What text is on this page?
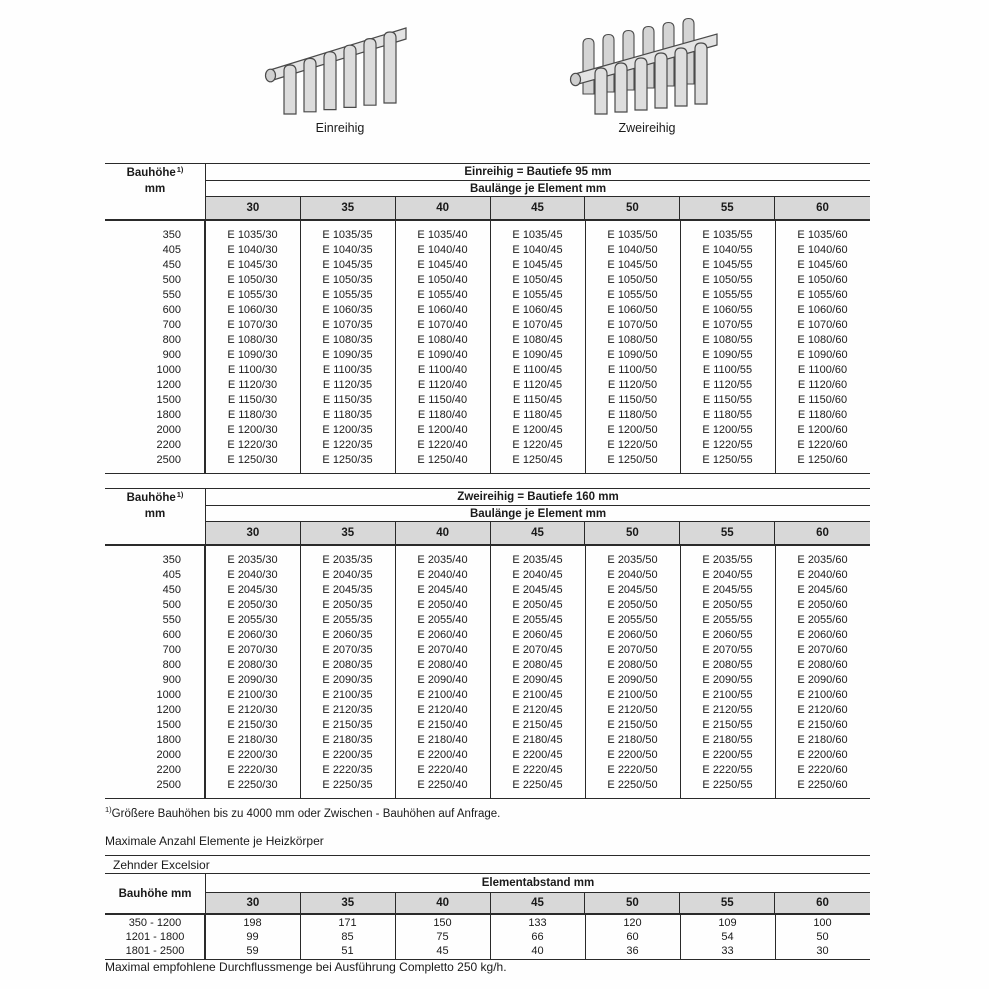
Einreihig	Zweireihig
Bauhöhe 1)	Einreihig = Bautiefe 95 mm
mm	Baulänge je Element mm
30	35	40	45	50	55	60
350	E 1035/30	E 1035/35	E 1035/40	E 1035/45	E 1035/50	E 1035/55	E 1035/60
405	E 1040/30	E 1040/35	E 1040/40	E 1040/45	E 1040/50	E 1040/55	E 1040/60
450	E 1045/30	E 1045/35	E 1045/40	E 1045/45	E 1045/50	E 1045/55	E 1045/60
500	E 1050/30	E 1050/35	E 1050/40	E 1050/45	E 1050/50	E 1050/55	E 1050/60
550	E 1055/30	E 1055/35	E 1055/40	E 1055/45	E 1055/50	E 1055/55	E 1055/60
600	E 1060/30	E 1060/35	E 1060/40	E 1060/45	E 1060/50	E 1060/55	E 1060/60
700	E 1070/30	E 1070/35	E 1070/40	E 1070/45	E 1070/50	E 1070/55	E 1070/60
800	E 1080/30	E 1080/35	E 1080/40	E 1080/45	E 1080/50	E 1080/55	E 1080/60
900	E 1090/30	E 1090/35	E 1090/40	E 1090/45	E 1090/50	E 1090/55	E 1090/60
1000	E 1100/30	E 1100/35	E 1100/40	E 1100/45	E 1100/50	E 1100/55	E 1100/60
1200	E 1120/30	E 1120/35	E 1120/40	E 1120/45	E 1120/50	E 1120/55	E 1120/60
1500	E 1150/30	E 1150/35	E 1150/40	E 1150/45	E 1150/50	E 1150/55	E 1150/60
1800	E 1180/30	E 1180/35	E 1180/40	E 1180/45	E 1180/50	E 1180/55	E 1180/60
2000	E 1200/30	E 1200/35	E 1200/40	E 1200/45	E 1200/50	E 1200/55	E 1200/60
2200	E 1220/30	E 1220/35	E 1220/40	E 1220/45	E 1220/50	E 1220/55	E 1220/60
2500	E 1250/30	E 1250/35	E 1250/40	E 1250/45	E 1250/50	E 1250/55	E 1250/60
Bauhöhe 1)	Zweireihig = Bautiefe 160 mm
mm	Baulänge je Element mm
30	35	40	45	50	55	60
350	E 2035/30	E 2035/35	E 2035/40	E 2035/45	E 2035/50	E 2035/55	E 2035/60
405	E 2040/30	E 2040/35	E 2040/40	E 2040/45	E 2040/50	E 2040/55	E 2040/60
450	E 2045/30	E 2045/35	E 2045/40	E 2045/45	E 2045/50	E 2045/55	E 2045/60
500	E 2050/30	E 2050/35	E 2050/40	E 2050/45	E 2050/50	E 2050/55	E 2050/60
550	E 2055/30	E 2055/35	E 2055/40	E 2055/45	E 2055/50	E 2055/55	E 2055/60
600	E 2060/30	E 2060/35	E 2060/40	E 2060/45	E 2060/50	E 2060/55	E 2060/60
700	E 2070/30	E 2070/35	E 2070/40	E 2070/45	E 2070/50	E 2070/55	E 2070/60
800	E 2080/30	E 2080/35	E 2080/40	E 2080/45	E 2080/50	E 2080/55	E 2080/60
900	E 2090/30	E 2090/35	E 2090/40	E 2090/45	E 2090/50	E 2090/55	E 2090/60
1000	E 2100/30	E 2100/35	E 2100/40	E 2100/45	E 2100/50	E 2100/55	E 2100/60
1200	E 2120/30	E 2120/35	E 2120/40	E 2120/45	E 2120/50	E 2120/55	E 2120/60
1500	E 2150/30	E 2150/35	E 2150/40	E 2150/45	E 2150/50	E 2150/55	E 2150/60
1800	E 2180/30	E 2180/35	E 2180/40	E 2180/45	E 2180/50	E 2180/55	E 2180/60
2000	E 2200/30	E 2200/35	E 2200/40	E 2200/45	E 2200/50	E 2200/55	E 2200/60
2200	E 2220/30	E 2220/35	E 2220/40	E 2220/45	E 2220/50	E 2220/55	E 2220/60
2500	E 2250/30	E 2250/35	E 2250/40	E 2250/45	E 2250/50	E 2250/55	E 2250/60
$^{1)}$Größere Bauhöhen bis zu 4000 mm oder Zwischen - Bauhöhen auf Anfrage.
Maximale Anzahl Elemente je Heizkörper
Zehnder Excelsior
Bauhöhe mm
Elementabstand mm
30	35	40	45	50	55	60
350 - 1200	198	171	150	133	120	109	100
1201 - 1800	99	85	75	66	60	54	50
1801 - 2500	59	51	45	40	36	33	30
Maximal empfohlene Durchflussmenge bei Ausführung Completto 250 kg/h.
